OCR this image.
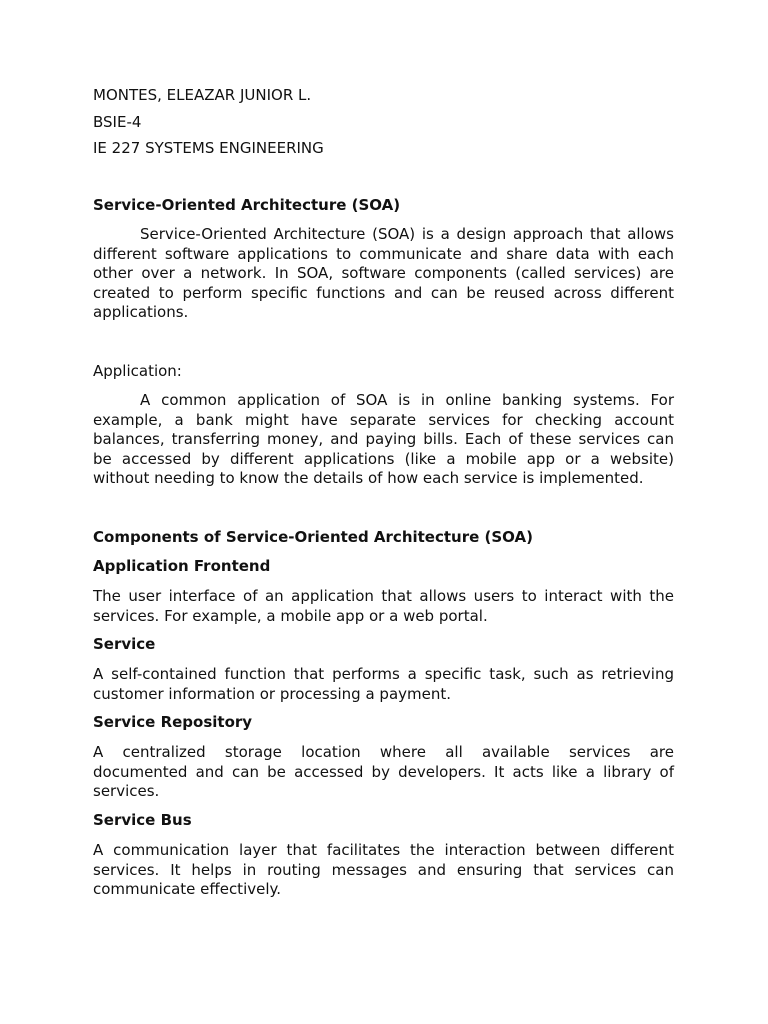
MONTES, ELEAZAR JUNIOR L.
BSIE-4
IE 227 SYSTEMS ENGINEERING
Service-Oriented Architecture (SOA)
Service-Oriented Architecture (SOA) is a design approach that allows
different software applications to communicate and share data with each
other over a network. In SOA, software components (called services) are
created to perform specific functions and can be reused across different
applications.
Application:
A common application of SOA is in online banking systems. For
example, a bank might have separate services for checking account
balances, transferring money, and paying bills. Each of these services can
be accessed by different applications (like a mobile app or a website)
without needing to know the details of how each service is implemented.
Components of Service-Oriented Architecture (SOA)
Application Frontend
The user interface of an application that allows users to interact with the
services. For example, a mobile app or a web portal.
Service
A self-contained function that performs a specific task, such as retrieving
customer information or processing a payment.
Service Repository
A centralized storage location where all available services are
documented and can be accessed by developers. It acts like a library of
services.
Service Bus
A communication layer that facilitates the interaction between different
services. It helps in routing messages and ensuring that services can
communicate effectively.
